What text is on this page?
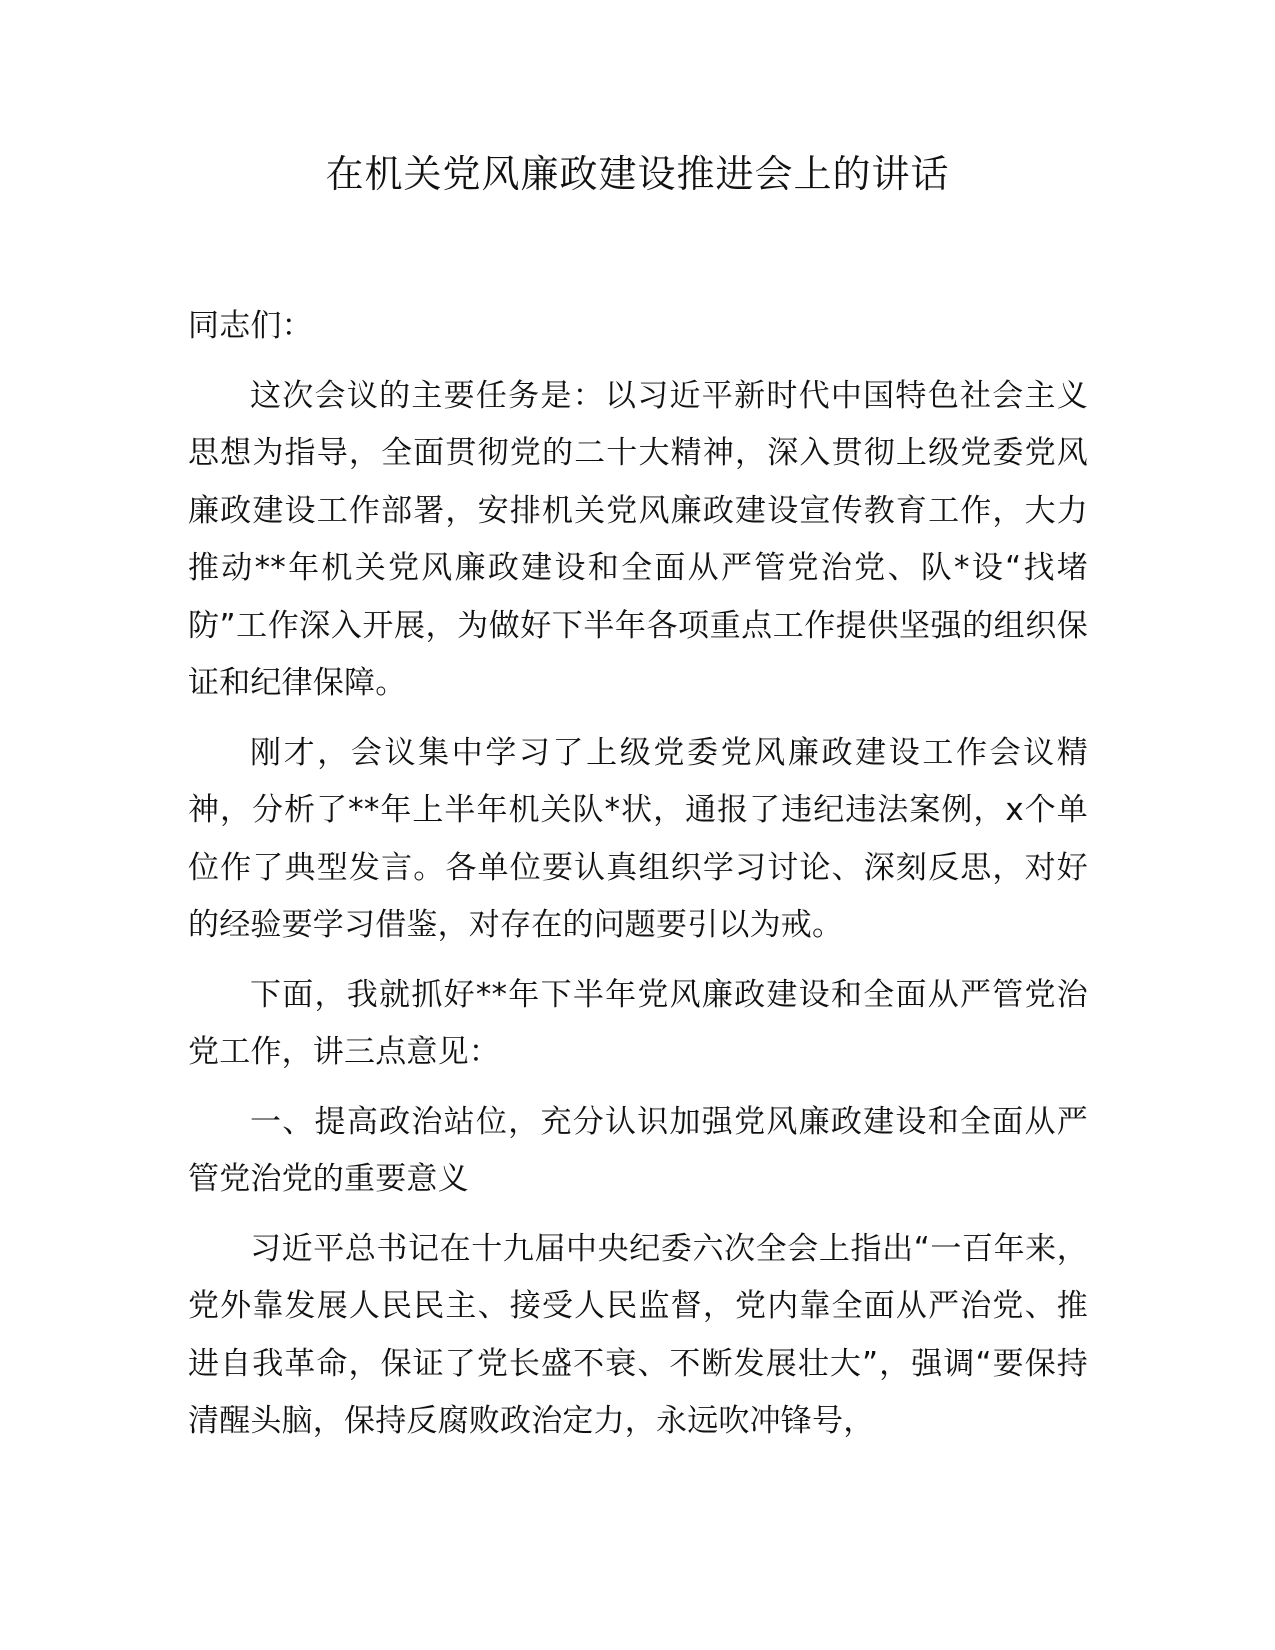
在机关党风廉政建设推进会上的讲话

同志们：

这次会议的主要任务是：以习近平新时代中国特色社会主义思想为指导，全面贯彻党的二十大精神，深入贯彻上级党委党风廉政建设工作部署，安排机关党风廉政建设宣传教育工作，大力推动**年机关党风廉政建设和全面从严管党治党、队*设“找堵防”工作深入开展，为做好下半年各项重点工作提供坚强的组织保证和纪律保障。

刚才，会议集中学习了上级党委党风廉政建设工作会议精神，分析了**年上半年机关队*状，通报了违纪违法案例，x个单位作了典型发言。各单位要认真组织学习讨论、深刻反思，对好的经验要学习借鉴，对存在的问题要引以为戒。

下面，我就抓好**年下半年党风廉政建设和全面从严管党治党工作，讲三点意见：

一、提高政治站位，充分认识加强党风廉政建设和全面从严管党治党的重要意义

习近平总书记在十九届中央纪委六次全会上指出“一百年来，党外靠发展人民民主、接受人民监督，党内靠全面从严治党、推进自我革命，保证了党长盛不衰、不断发展壮大”，强调“要保持清醒头脑，保持反腐败政治定力，永远吹冲锋号，
